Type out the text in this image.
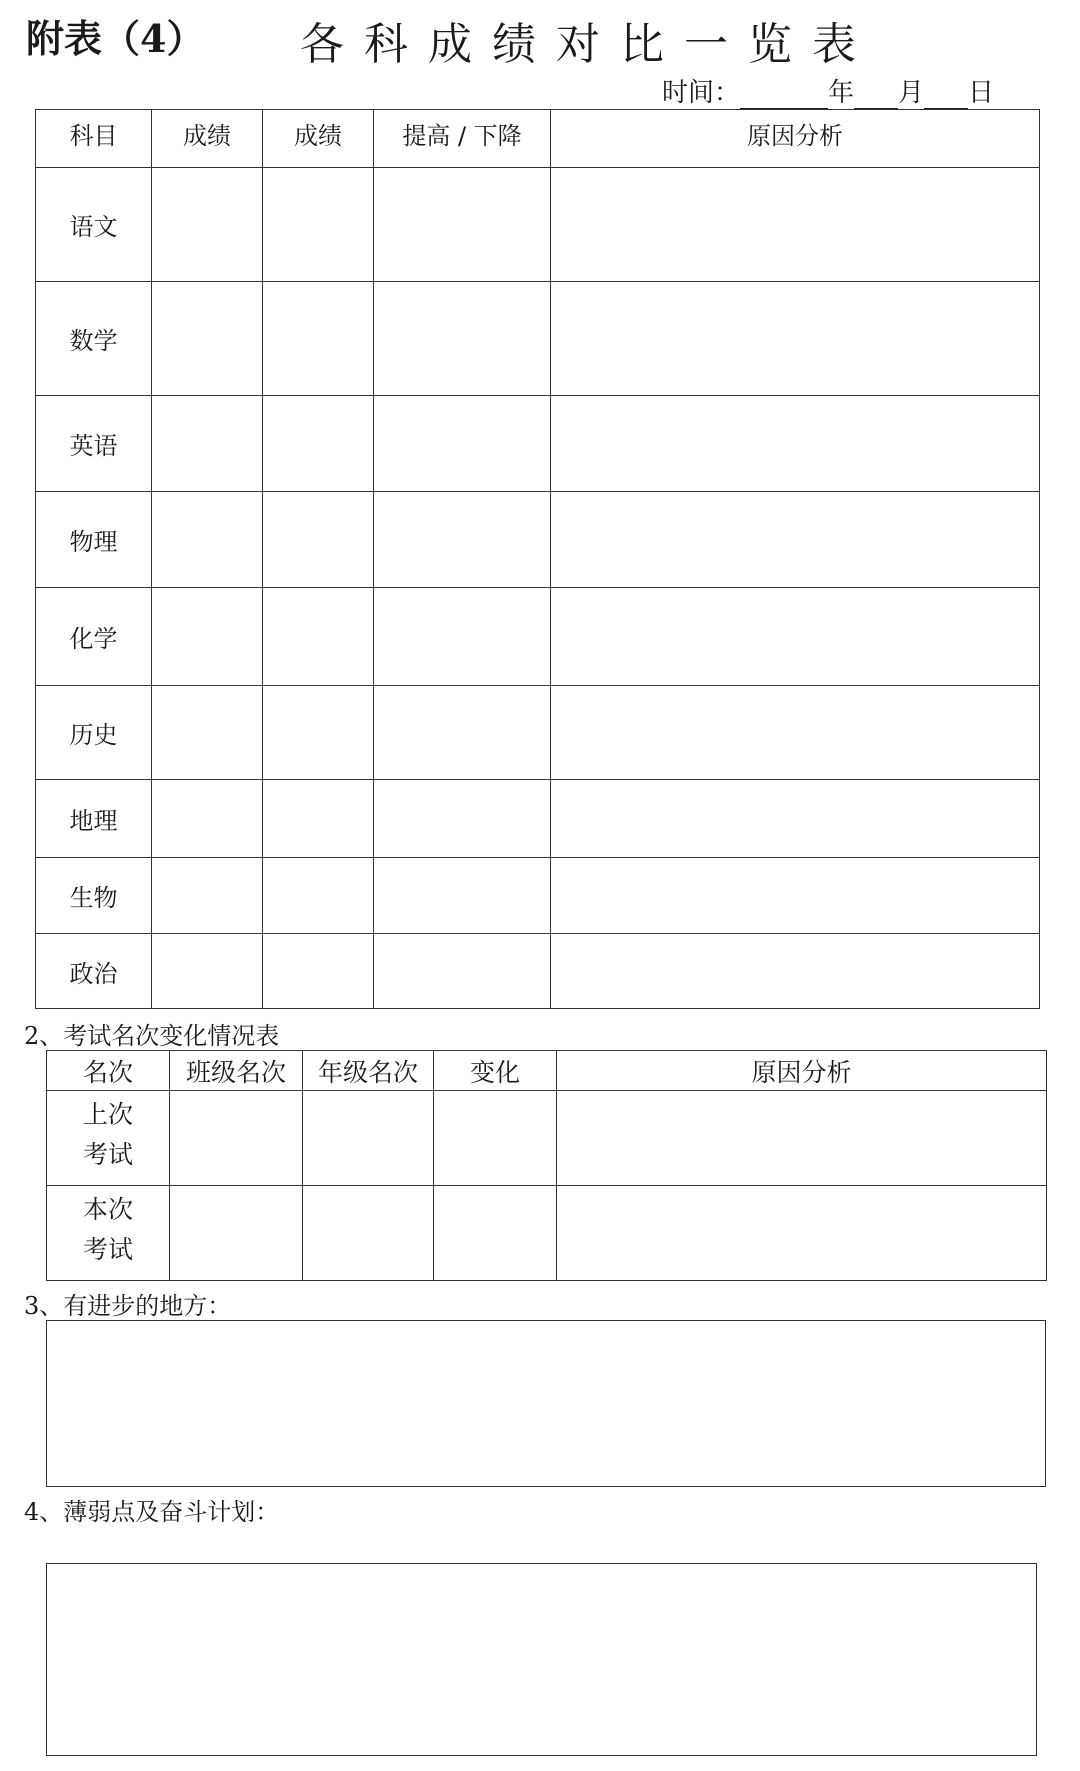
附表（4） 各科成绩对比一览表
时间：	年 月 日
科目	成绩	成绩	提高 / 下降	原因分析
语文				
数学				
英语				
物理				
化学				
历史				
地理				
生物				
政治				
2、考试名次变化情况表
名次	班级名次	年级名次	变化	原因分析

上次
考试				

本次
考试				

3、有进步的地方：
4、薄弱点及奋斗计划：
